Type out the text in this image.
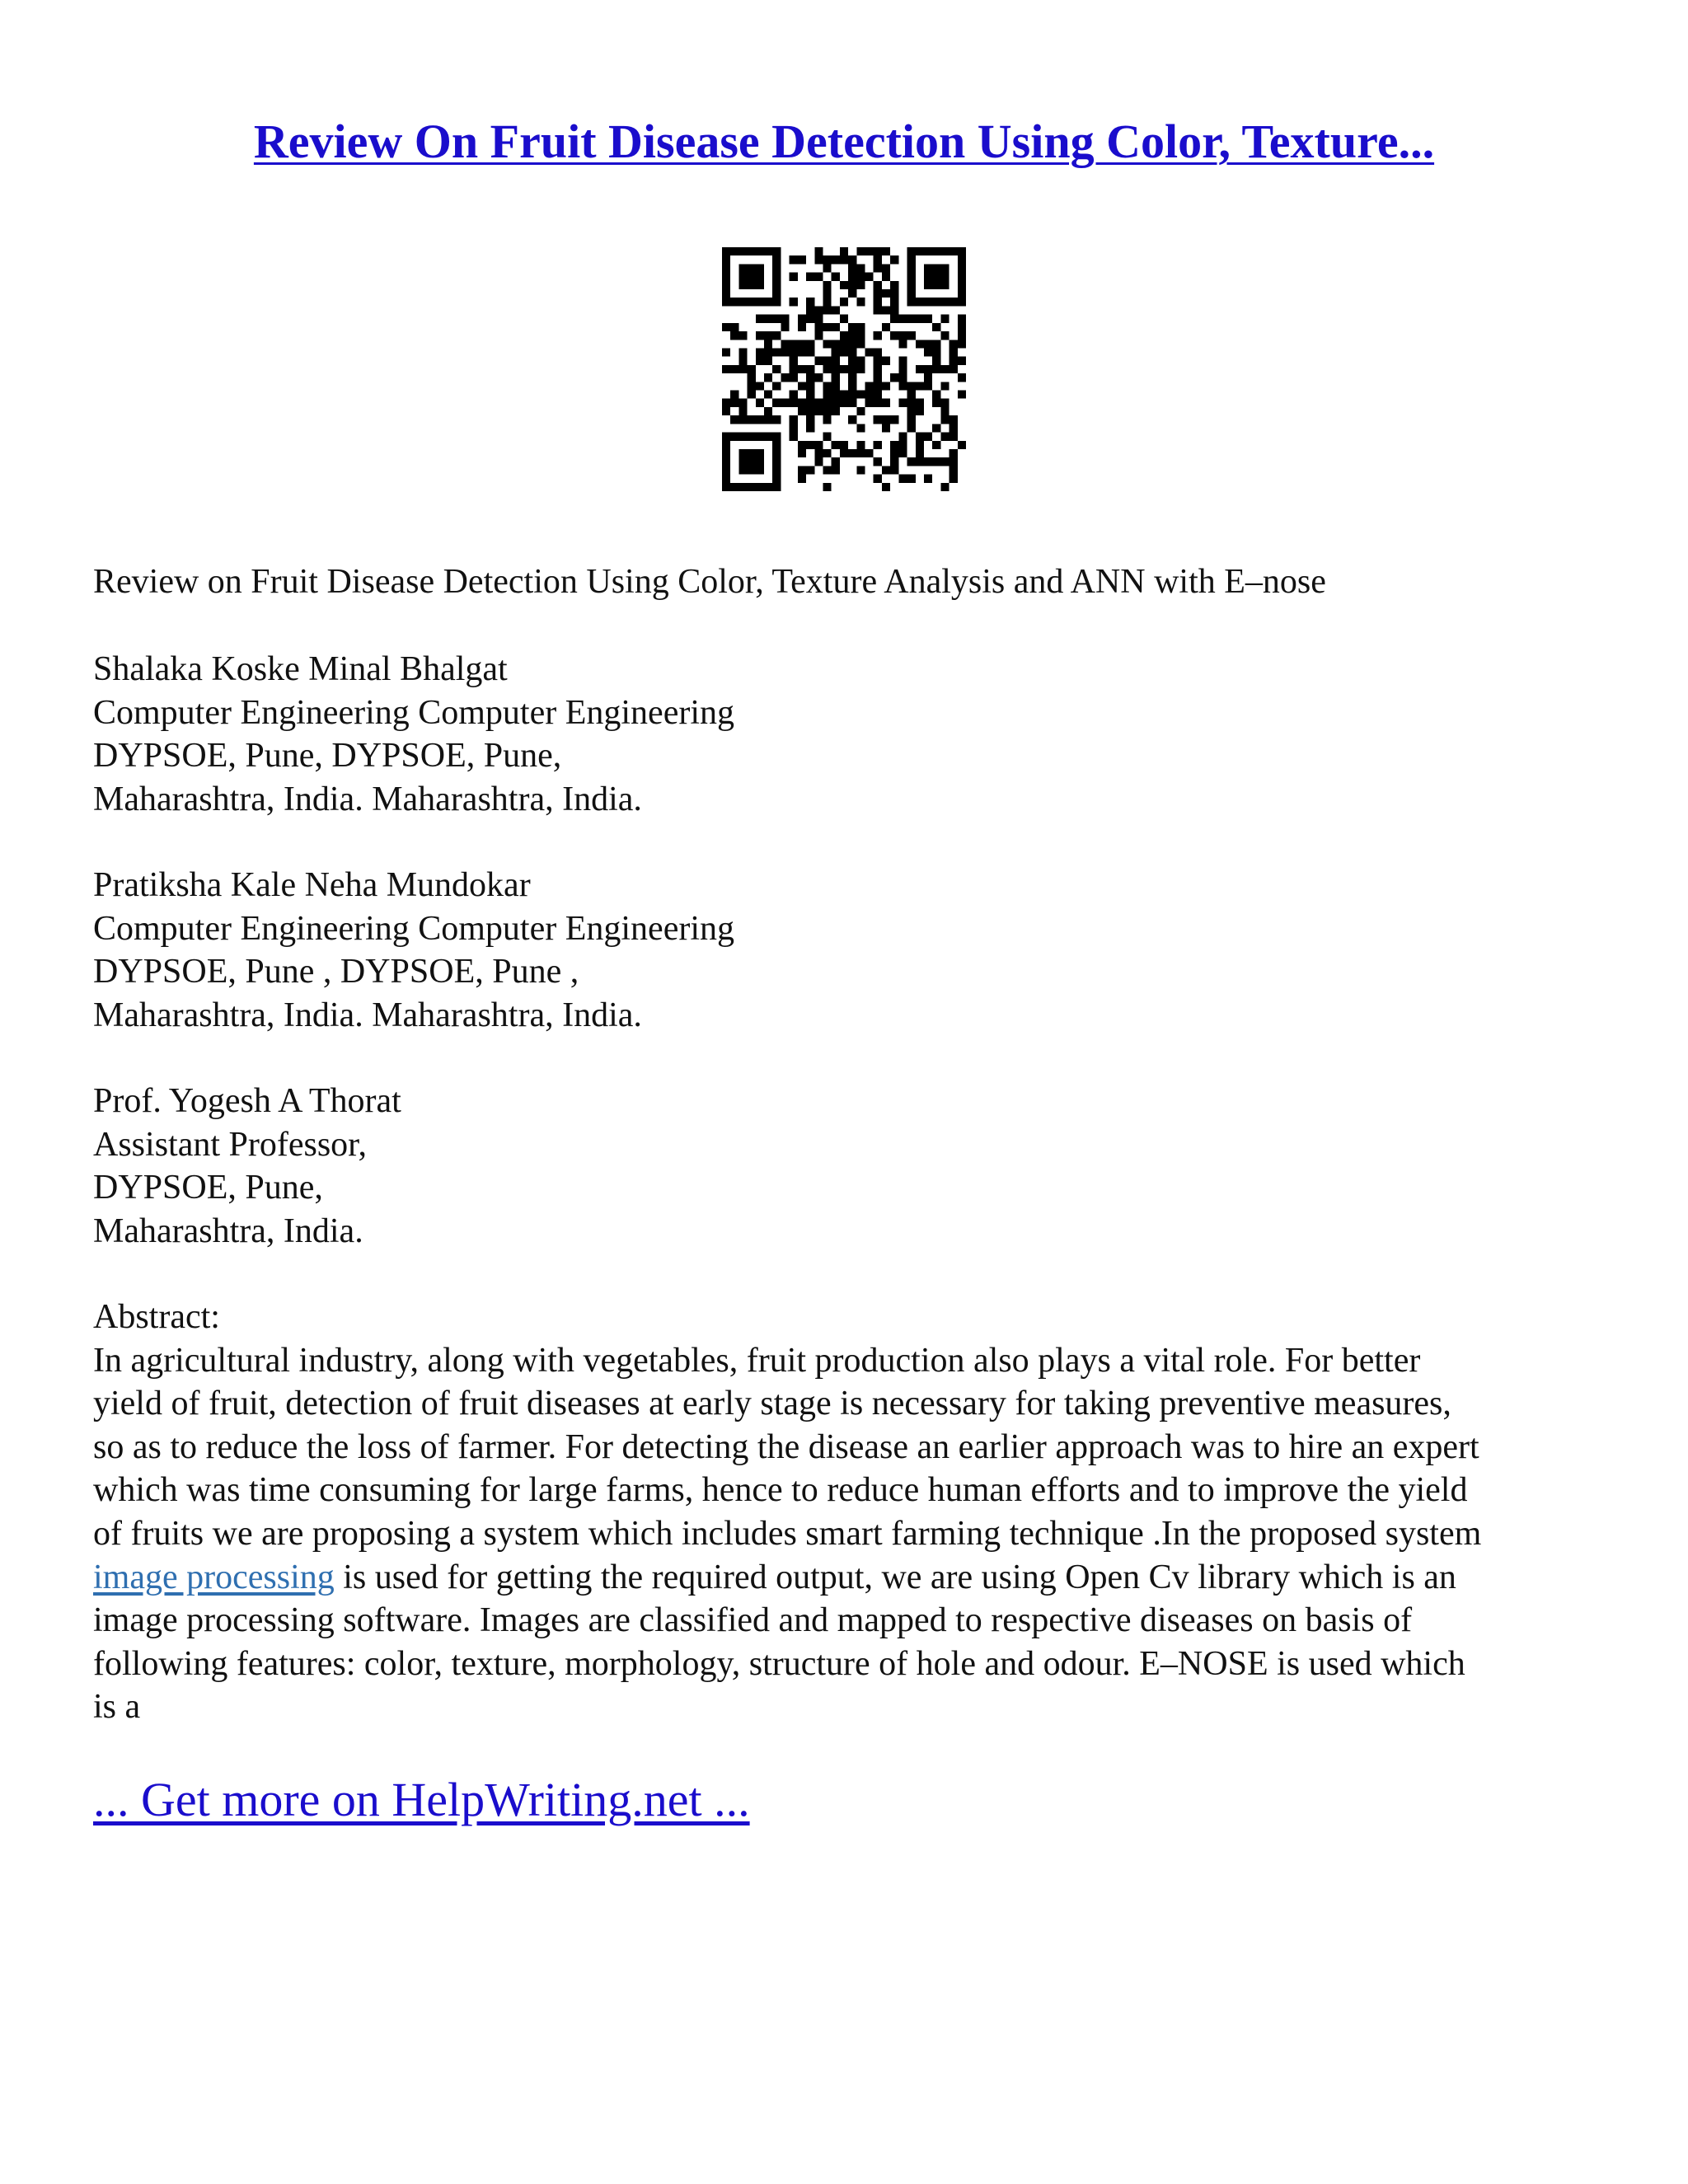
Review On Fruit Disease Detection Using Color, Texture...
Review on Fruit Disease Detection Using Color, Texture Analysis and ANN with E–nose
Shalaka Koske Minal Bhalgat
Computer Engineering Computer Engineering
DYPSOE, Pune, DYPSOE, Pune,
Maharashtra, India. Maharashtra, India.
Pratiksha Kale Neha Mundokar
Computer Engineering Computer Engineering
DYPSOE, Pune , DYPSOE, Pune ,
Maharashtra, India. Maharashtra, India.
Prof. Yogesh A Thorat
Assistant Professor,
DYPSOE, Pune,
Maharashtra, India.
Abstract:
In agricultural industry, along with vegetables, fruit production also plays a vital role. For better
yield of fruit, detection of fruit diseases at early stage is necessary for taking preventive measures,
so as to reduce the loss of farmer. For detecting the disease an earlier approach was to hire an expert
which was time consuming for large farms, hence to reduce human efforts and to improve the yield
of fruits we are proposing a system which includes smart farming technique .In the proposed system
image processing is used for getting the required output, we are using Open Cv library which is an
image processing software. Images are classified and mapped to respective diseases on basis of
following features: color, texture, morphology, structure of hole and odour. E–NOSE is used which
is a
... Get more on HelpWriting.net ...
